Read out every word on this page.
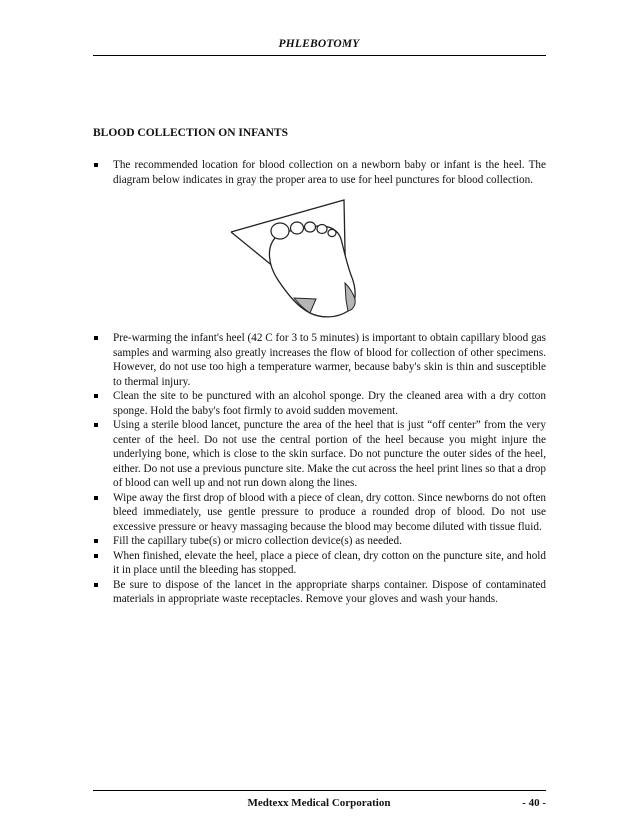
PHLEBOTOMY
BLOOD COLLECTION ON INFANTS
The recommended location for blood collection on a newborn baby or infant is the heel. The diagram below indicates in gray the proper area to use for heel punctures for blood collection.
Pre-warming the infant's heel (42 C for 3 to 5 minutes) is important to obtain capillary blood gas samples and warming also greatly increases the flow of blood for collection of other specimens. However, do not use too high a temperature warmer, because baby's skin is thin and susceptible to thermal injury.
Clean the site to be punctured with an alcohol sponge. Dry the cleaned area with a dry cotton sponge. Hold the baby's foot firmly to avoid sudden movement.
Using a sterile blood lancet, puncture the area of the heel that is just “off center” from the very center of the heel. Do not use the central portion of the heel because you might injure the underlying bone, which is close to the skin surface. Do not puncture the outer sides of the heel, either. Do not use a previous puncture site. Make the cut across the heel print lines so that a drop of blood can well up and not run down along the lines.
Wipe away the first drop of blood with a piece of clean, dry cotton. Since newborns do not often bleed immediately, use gentle pressure to produce a rounded drop of blood. Do not use excessive pressure or heavy massaging because the blood may become diluted with tissue fluid.
Fill the capillary tube(s) or micro collection device(s) as needed.
When finished, elevate the heel, place a piece of clean, dry cotton on the puncture site, and hold it in place until the bleeding has stopped.
Be sure to dispose of the lancet in the appropriate sharps container. Dispose of contaminated materials in appropriate waste receptacles. Remove your gloves and wash your hands.
Medtexx Medical Corporation	- 40 -
